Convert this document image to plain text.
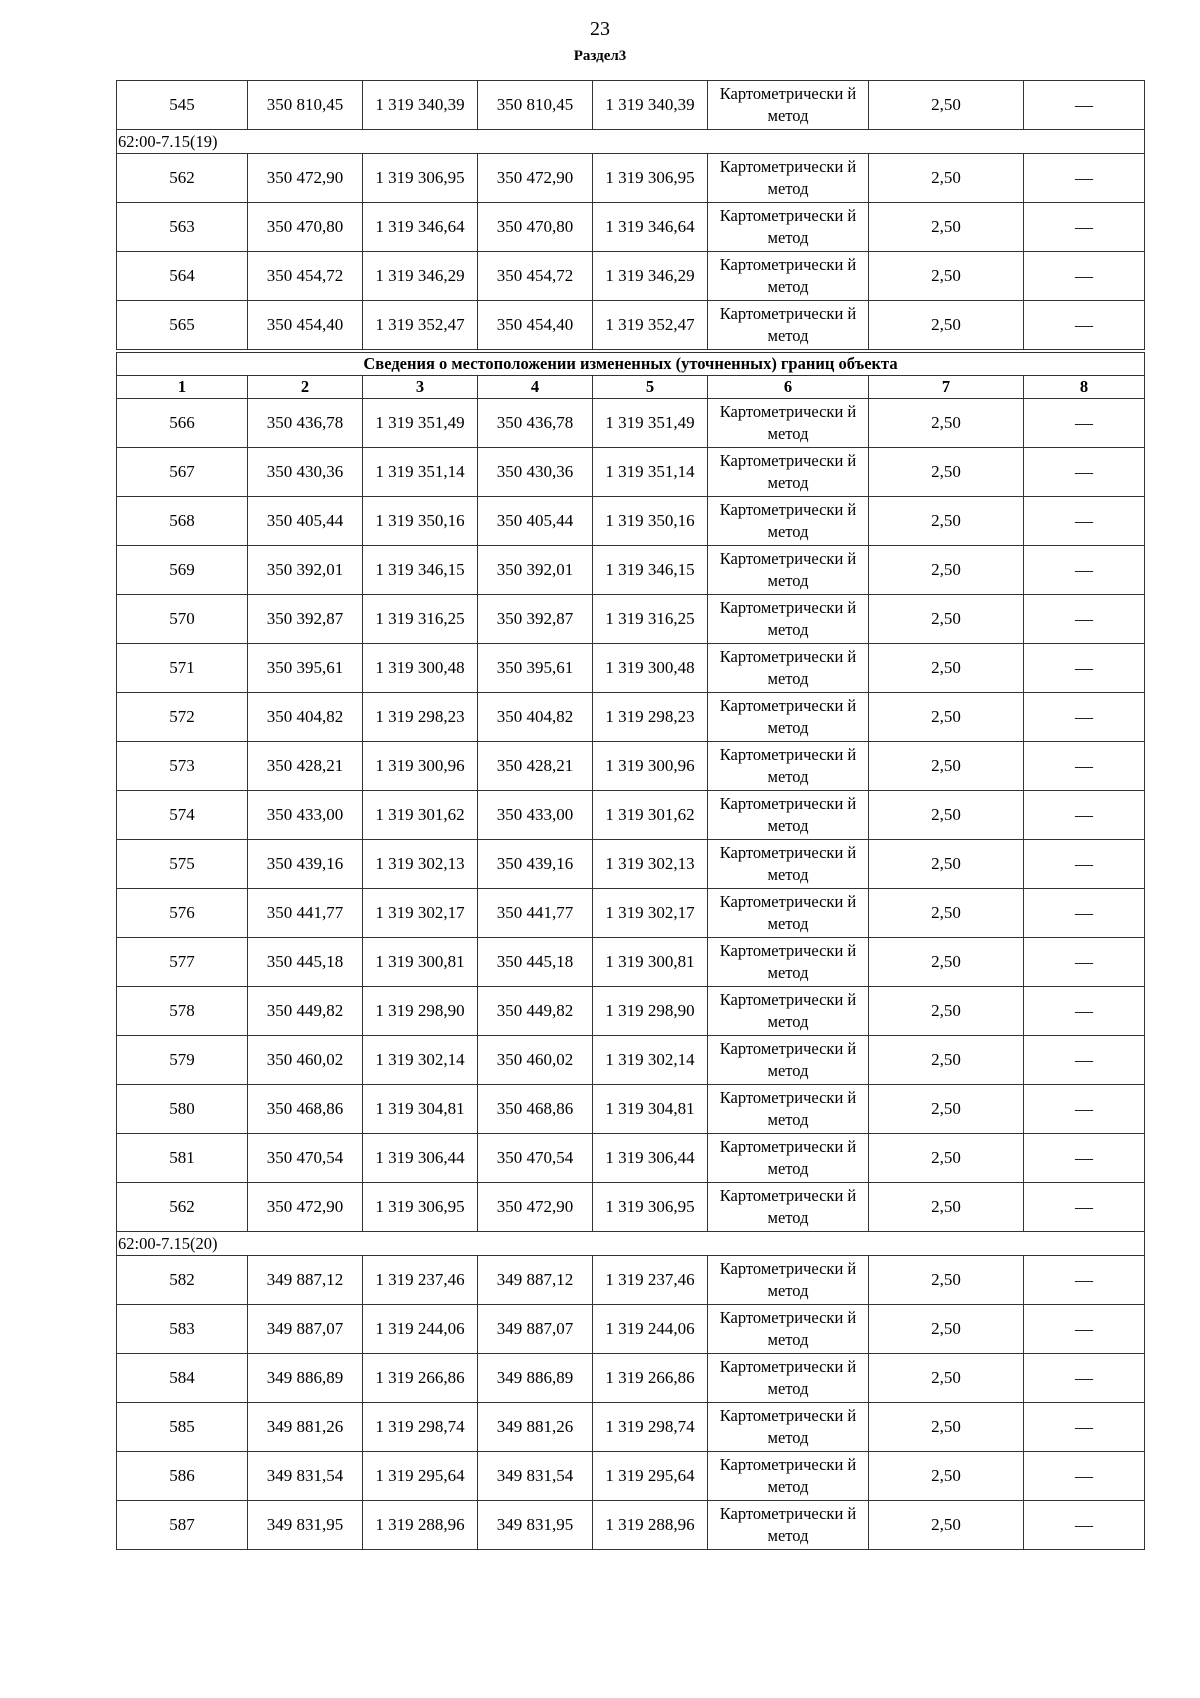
23
Раздел3
545	350 810,45	1 319 340,39	350 810,45	1 319 340,39	Картометрически й метод	2,50	—
62:00-7.15(19)							
562	350 472,90	1 319 306,95	350 472,90	1 319 306,95	Картометрически й метод	2,50	—
563	350 470,80	1 319 346,64	350 470,80	1 319 346,64	Картометрически й метод	2,50	—
564	350 454,72	1 319 346,29	350 454,72	1 319 346,29	Картометрически й метод	2,50	—
565	350 454,40	1 319 352,47	350 454,40	1 319 352,47	Картометрически й метод	2,50	—
Сведения о местоположении измененных (уточненных) границ объекта							
1	2	3	4	5	6	7	8
566	350 436,78	1 319 351,49	350 436,78	1 319 351,49	Картометрически й метод	2,50	—
567	350 430,36	1 319 351,14	350 430,36	1 319 351,14	Картометрически й метод	2,50	—
568	350 405,44	1 319 350,16	350 405,44	1 319 350,16	Картометрически й метод	2,50	—
569	350 392,01	1 319 346,15	350 392,01	1 319 346,15	Картометрически й метод	2,50	—
570	350 392,87	1 319 316,25	350 392,87	1 319 316,25	Картометрически й метод	2,50	—
571	350 395,61	1 319 300,48	350 395,61	1 319 300,48	Картометрически й метод	2,50	—
572	350 404,82	1 319 298,23	350 404,82	1 319 298,23	Картометрически й метод	2,50	—
573	350 428,21	1 319 300,96	350 428,21	1 319 300,96	Картометрически й метод	2,50	—
574	350 433,00	1 319 301,62	350 433,00	1 319 301,62	Картометрически й метод	2,50	—
575	350 439,16	1 319 302,13	350 439,16	1 319 302,13	Картометрически й метод	2,50	—
576	350 441,77	1 319 302,17	350 441,77	1 319 302,17	Картометрически й метод	2,50	—
577	350 445,18	1 319 300,81	350 445,18	1 319 300,81	Картометрически й метод	2,50	—
578	350 449,82	1 319 298,90	350 449,82	1 319 298,90	Картометрически й метод	2,50	—
579	350 460,02	1 319 302,14	350 460,02	1 319 302,14	Картометрически й метод	2,50	—
580	350 468,86	1 319 304,81	350 468,86	1 319 304,81	Картометрически й метод	2,50	—
581	350 470,54	1 319 306,44	350 470,54	1 319 306,44	Картометрически й метод	2,50	—
562	350 472,90	1 319 306,95	350 472,90	1 319 306,95	Картометрически й метод	2,50	—
62:00-7.15(20)							
582	349 887,12	1 319 237,46	349 887,12	1 319 237,46	Картометрически й метод	2,50	—
583	349 887,07	1 319 244,06	349 887,07	1 319 244,06	Картометрически й метод	2,50	—
584	349 886,89	1 319 266,86	349 886,89	1 319 266,86	Картометрически й метод	2,50	—
585	349 881,26	1 319 298,74	349 881,26	1 319 298,74	Картометрически й метод	2,50	—
586	349 831,54	1 319 295,64	349 831,54	1 319 295,64	Картометрически й метод	2,50	—
587	349 831,95	1 319 288,96	349 831,95	1 319 288,96	Картометрически й метод	2,50	—
